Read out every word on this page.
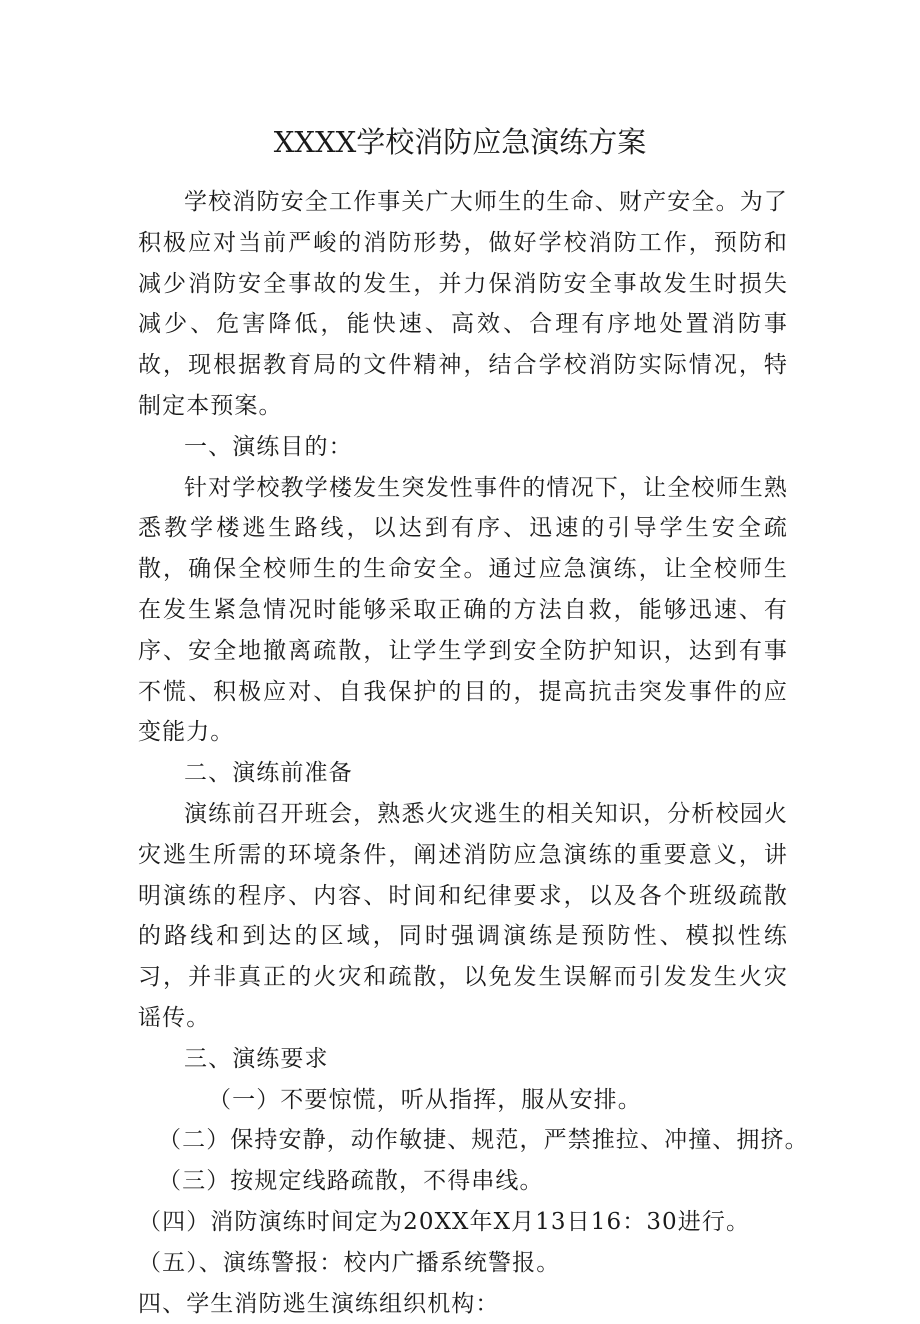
XXXX学校消防应急演练方案

学校消防安全工作事关广大师生的生命、财产安全。为了积极应对当前严峻的消防形势，做好学校消防工作，预防和减少消防安全事故的发生，并力保消防安全事故发生时损失减少、危害降低，能快速、高效、合理有序地处置消防事故，现根据教育局的文件精神，结合学校消防实际情况，特制定本预案。

一、演练目的：

针对学校教学楼发生突发性事件的情况下，让全校师生熟悉教学楼逃生路线，以达到有序、迅速的引导学生安全疏散，确保全校师生的生命安全。通过应急演练，让全校师生在发生紧急情况时能够采取正确的方法自救，能够迅速、有序、安全地撤离疏散，让学生学到安全防护知识，达到有事不慌、积极应对、自我保护的目的，提高抗击突发事件的应变能力。

二、演练前准备

演练前召开班会，熟悉火灾逃生的相关知识，分析校园火灾逃生所需的环境条件，阐述消防应急演练的重要意义，讲明演练的程序、内容、时间和纪律要求，以及各个班级疏散的路线和到达的区域，同时强调演练是预防性、模拟性练习，并非真正的火灾和疏散，以免发生误解而引发发生火灾谣传。

三、演练要求

（一）不要惊慌，听从指挥，服从安排。

（二）保持安静，动作敏捷、规范，严禁推拉、冲撞、拥挤。

（三）按规定线路疏散，不得串线。

（四）消防演练时间定为20XX年X月13日16：30进行。

（五）、演练警报：校内广播系统警报。

四、学生消防逃生演练组织机构：
